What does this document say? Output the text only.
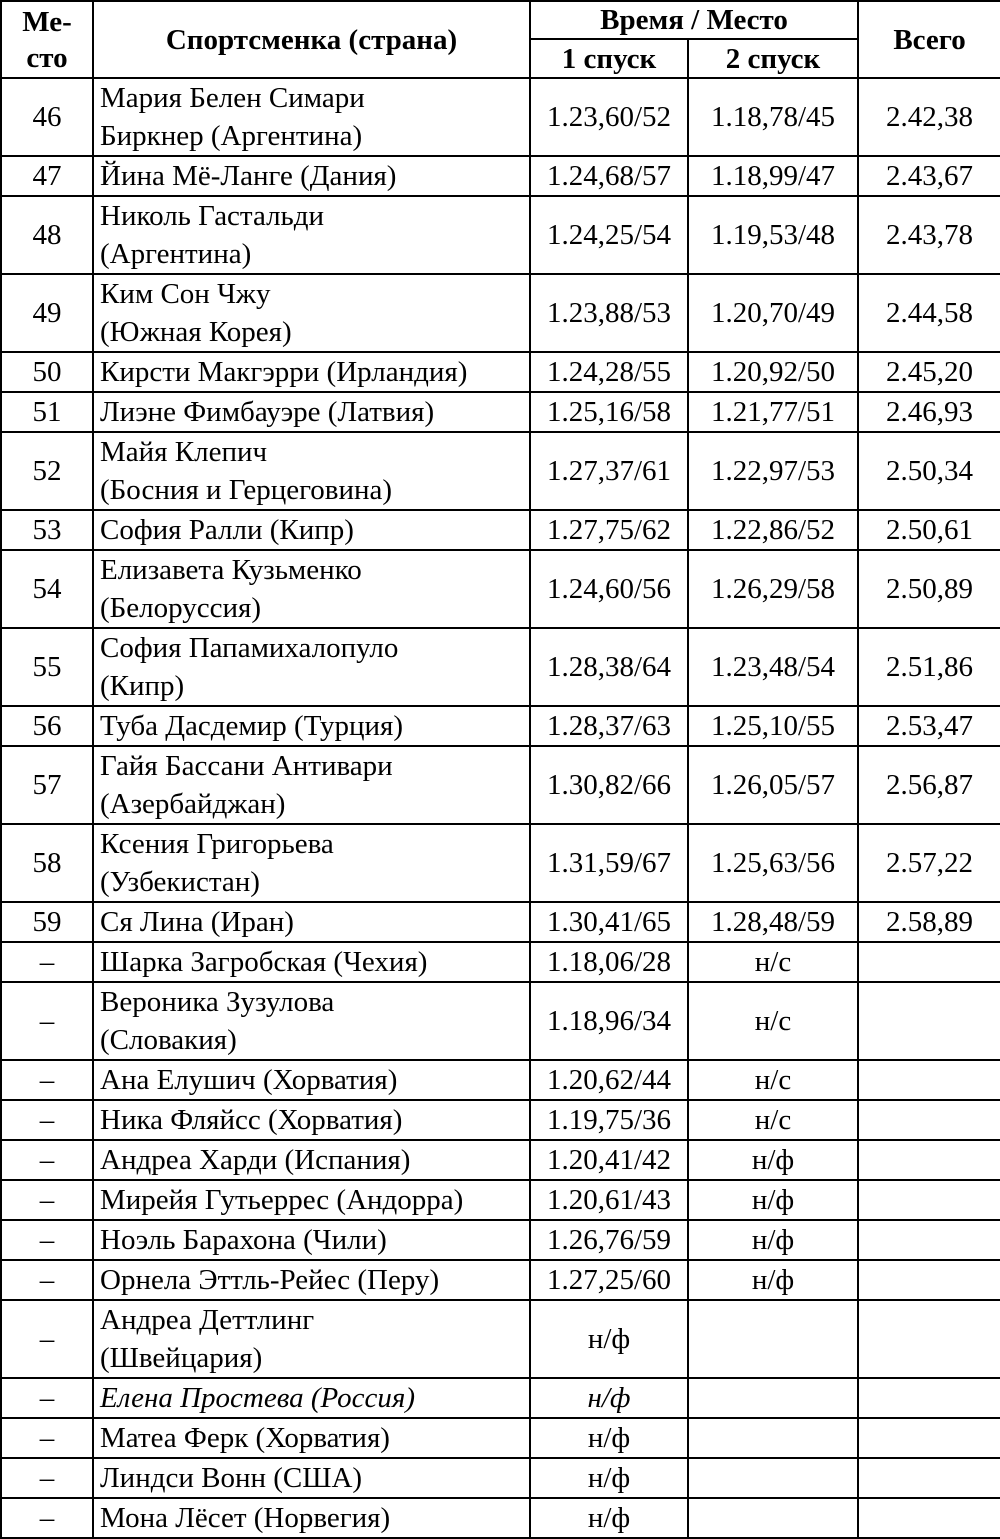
Ме-
сто	Спортсменка (страна)	Время / Место		Всего
		1 спуск	2 спуск	
46	Мария Белен Симари
Биркнер (Аргентина)	1.23,60/52	1.18,78/45	2.42,38
47	Йина Мё-Ланге (Дания)	1.24,68/57	1.18,99/47	2.43,67
48	Николь Гастальди
(Аргентина)	1.24,25/54	1.19,53/48	2.43,78
49	Ким Сон Чжу
(Южная Корея)	1.23,88/53	1.20,70/49	2.44,58
50	Кирсти Макгэрри (Ирландия)	1.24,28/55	1.20,92/50	2.45,20
51	Лиэне Фимбауэре (Латвия)	1.25,16/58	1.21,77/51	2.46,93
52	Майя Клепич
(Босния и Герцеговина)	1.27,37/61	1.22,97/53	2.50,34
53	София Ралли (Кипр)	1.27,75/62	1.22,86/52	2.50,61
54	Елизавета Кузьменко
(Белоруссия)	1.24,60/56	1.26,29/58	2.50,89
55	София Папамихалопуло
(Кипр)	1.28,38/64	1.23,48/54	2.51,86
56	Туба Дасдемир (Турция)	1.28,37/63	1.25,10/55	2.53,47
57	Гайя Бассани Антивари
(Азербайджан)	1.30,82/66	1.26,05/57	2.56,87
58	Ксения Григорьева
(Узбекистан)	1.31,59/67	1.25,63/56	2.57,22
59	Ся Лина (Иран)	1.30,41/65	1.28,48/59	2.58,89
–	Шарка Загробская (Чехия)	1.18,06/28	н/с	
–	Вероника Зузулова
(Словакия)	1.18,96/34	н/с	
–	Ана Елушич (Хорватия)	1.20,62/44	н/с	
–	Ника Фляйсс (Хорватия)	1.19,75/36	н/с	
–	Андреа Харди (Испания)	1.20,41/42	н/ф	
–	Мирейя Гутьеррес (Андорра)	1.20,61/43	н/ф	
–	Ноэль Барахона (Чили)	1.26,76/59	н/ф	
–	Орнела Эттль-Рейес (Перу)	1.27,25/60	н/ф	
–	Андреа Деттлинг
(Швейцария)	н/ф		
–	Елена Простева (Россия)	н/ф		
–	Матеа Ферк (Хорватия)	н/ф		
–	Линдси Вонн (США)	н/ф		
–	Мона Лёсет (Норвегия)	н/ф		
